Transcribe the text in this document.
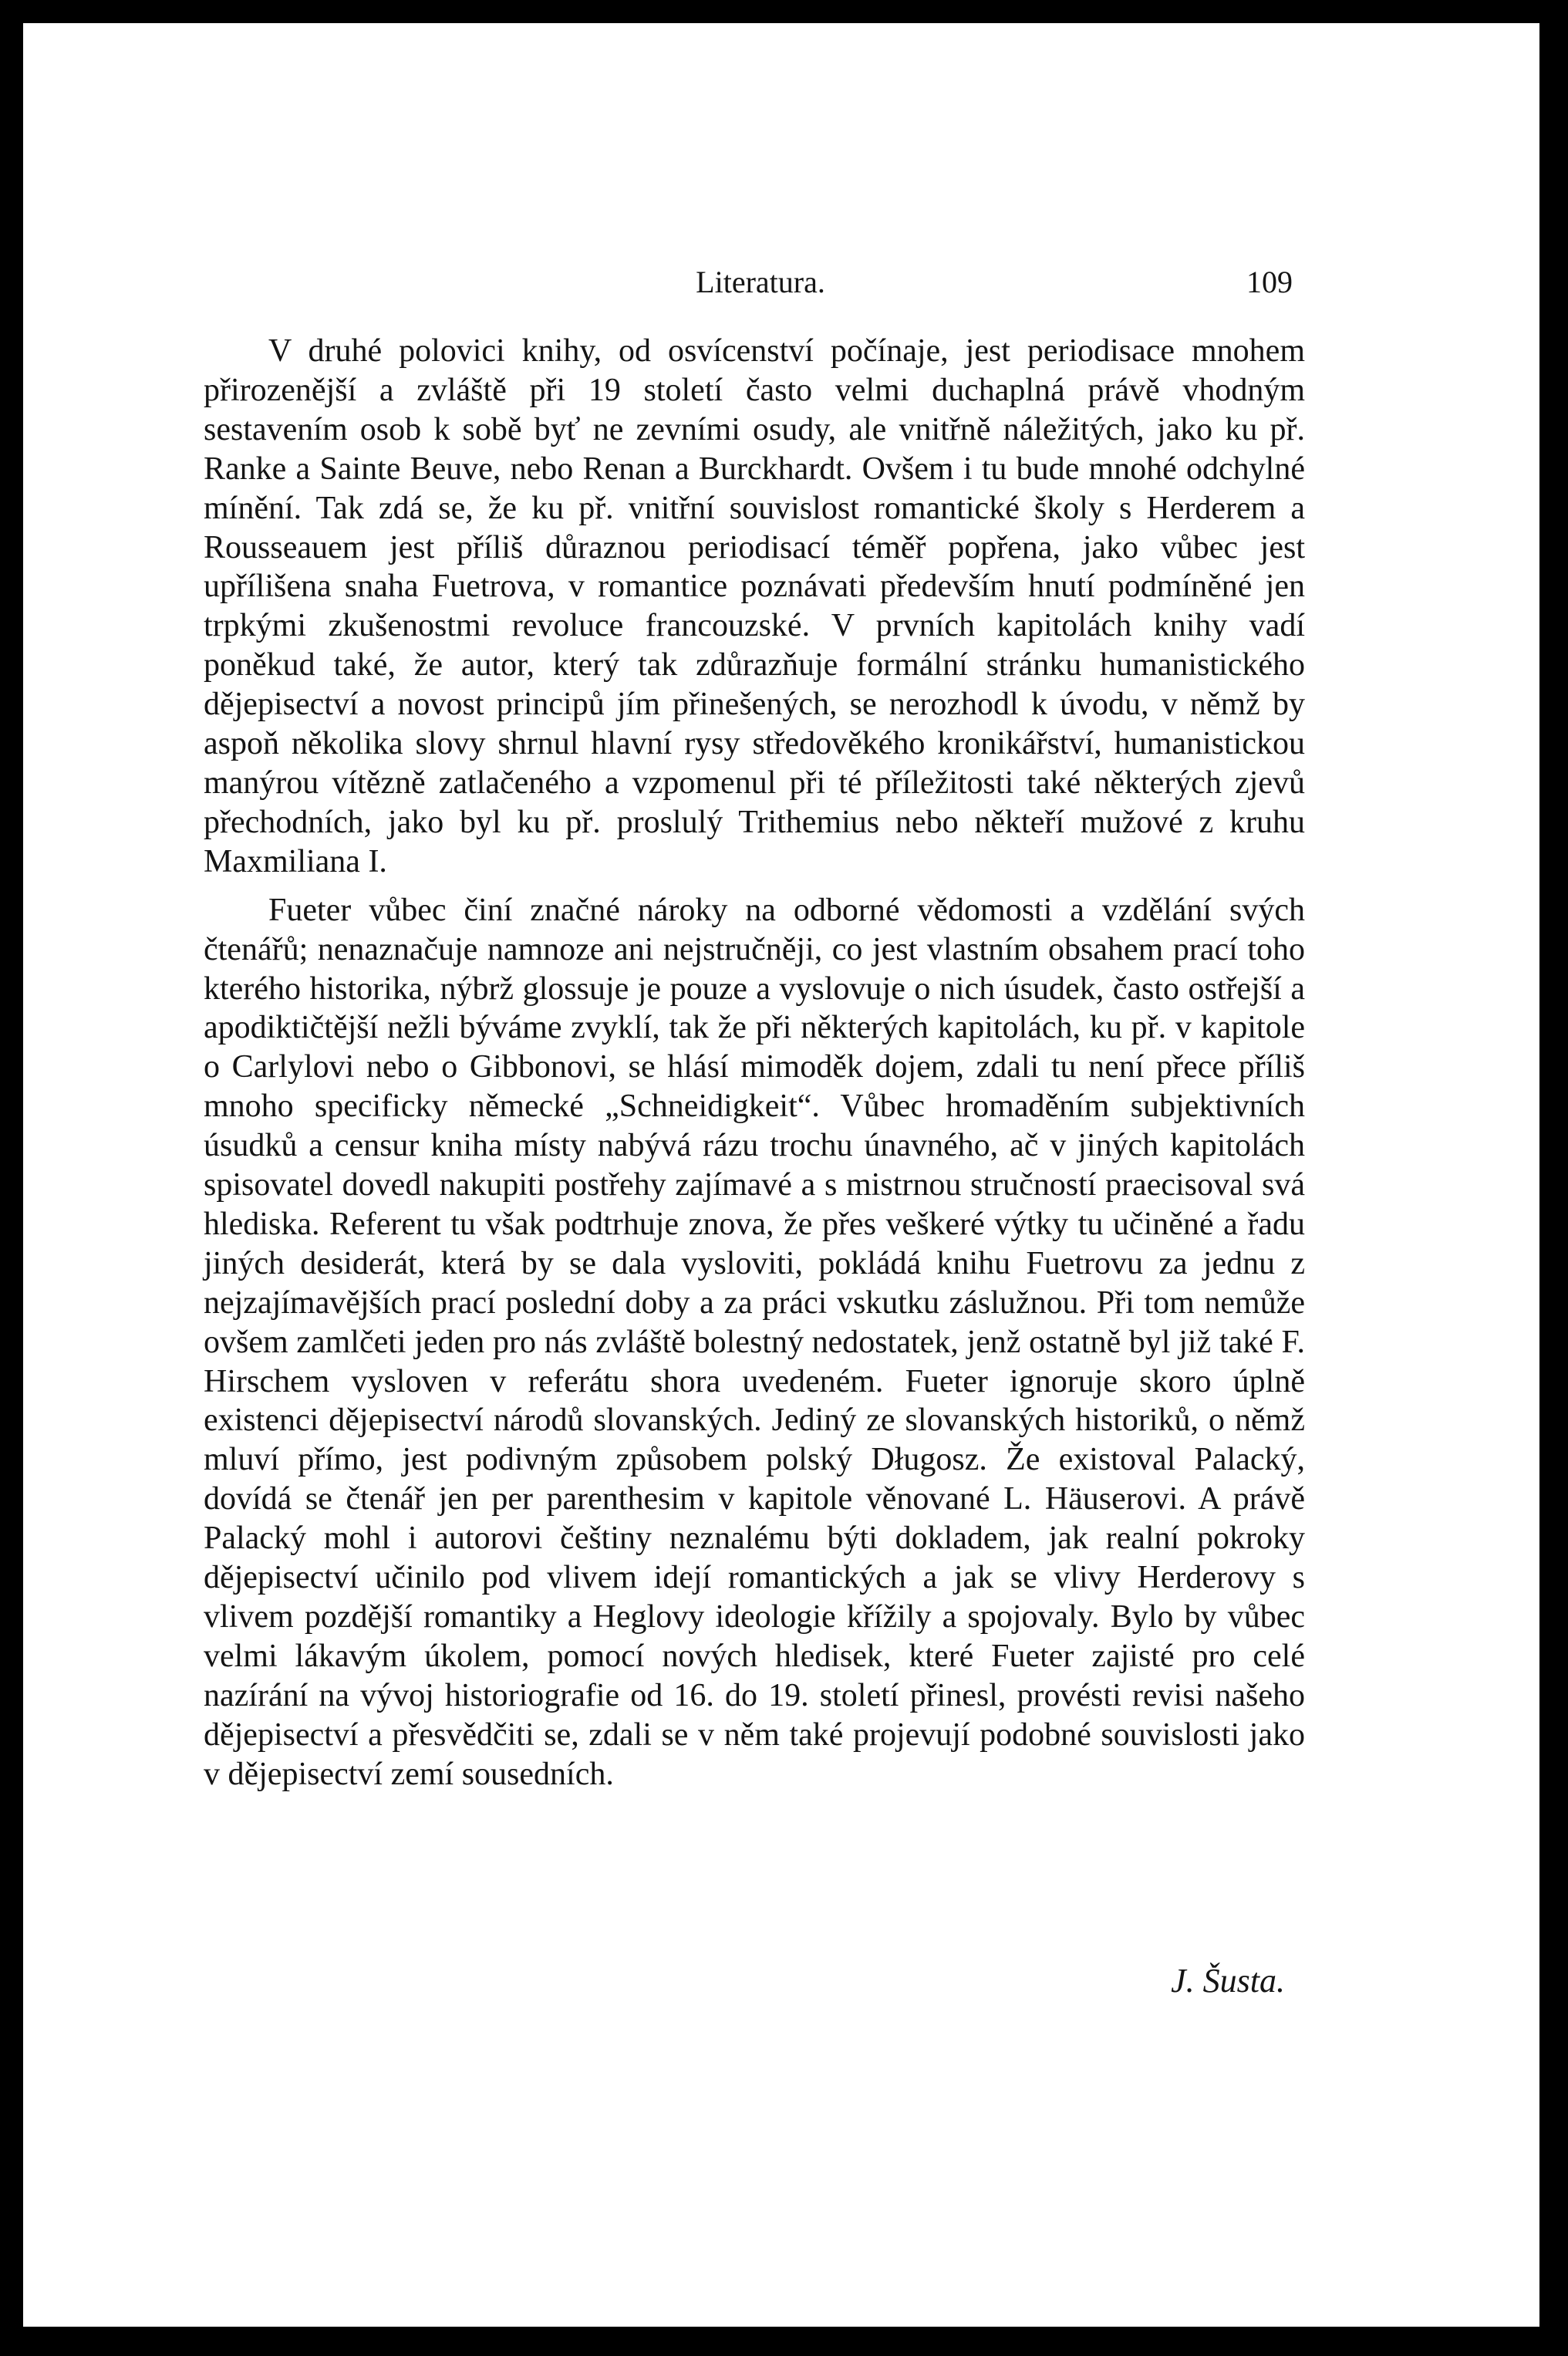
Literatura.	109

V druhé polovici knihy, od osvícenství počínaje, jest periodisace mnohem přirozenější a zvláště při 19 století často velmi duchaplná právě vhodným sestavením osob k sobě byť ne zevními osudy, ale vnitřně náležitých, jako ku př. Ranke a Sainte Beuve, nebo Renan a Burckhardt. Ovšem i tu bude mnohé odchylné mínění. Tak zdá se, že ku př. vnitřní souvislost romantické školy s Herderem a Rousseauem jest příliš důraznou periodisací téměř popřena, jako vůbec jest upřílišena snaha Fuetrova, v romantice poznávati především hnutí podmíněné jen trpkými zkušenostmi revoluce francouzské. V prvních kapitolách knihy vadí poněkud také, že autor, který tak zdůrazňuje formální stránku humanistického dějepisectví a novost principů jím přinešených, se nerozhodl k úvodu, v němž by aspoň několika slovy shrnul hlavní rysy středověkého kronikářství, humanistickou manýrou vítězně zatlačeného a vzpomenul při té příležitosti také některých zjevů přechodních, jako byl ku př. proslulý Trithemius nebo někteří mužové z kruhu Maxmiliana I.

Fueter vůbec činí značné nároky na odborné vědomosti a vzdělání svých čtenářů; nenaznačuje namnoze ani nejstručněji, co jest vlastním obsahem prací toho kterého historika, nýbrž glossuje je pouze a vyslovuje o nich úsudek, často ostřejší a apodiktičtější nežli býváme zvyklí, tak že při některých kapitolách, ku př. v kapitole o Carlylovi nebo o Gibbonovi, se hlásí mimoděk dojem, zdali tu není přece příliš mnoho specificky německé „Schneidigkeit“. Vůbec hromaděním subjektivních úsudků a censur kniha místy nabývá rázu trochu únavného, ač v jiných kapitolách spisovatel dovedl nakupiti postřehy zajímavé a s mistrnou stručností praecisoval svá hlediska. Referent tu však podtrhuje znova, že přes veškeré výtky tu učiněné a řadu jiných desiderát, která by se dala vysloviti, pokládá knihu Fuetrovu za jednu z nejzajímavějších prací poslední doby a za práci vskutku záslužnou. Při tom nemůže ovšem zamlčeti jeden pro nás zvláště bolestný nedostatek, jenž ostatně byl již také F. Hirschem vysloven v referátu shora uvedeném. Fueter ignoruje skoro úplně existenci dějepisectví národů slovanských. Jediný ze slovanských historiků, o němž mluví přímo, jest podivným způsobem polský Długosz. Že existoval Palacký, dovídá se čtenář jen per parenthesim v kapitole věnované L. Häuserovi. A právě Palacký mohl i autorovi češtiny neznalému býti dokladem, jak realní pokroky dějepisectví učinilo pod vlivem idejí romantických a jak se vlivy Herderovy s vlivem pozdější romantiky a Heglovy ideologie křížily a spojovaly. Bylo by vůbec velmi lákavým úkolem, pomocí nových hledisek, které Fueter zajisté pro celé nazírání na vývoj historiografie od 16. do 19. století přinesl, provésti revisi našeho dějepisectví a přesvědčiti se, zdali se v něm také projevují podobné souvislosti jako v dějepisectví zemí sousedních.

J. Šusta.
